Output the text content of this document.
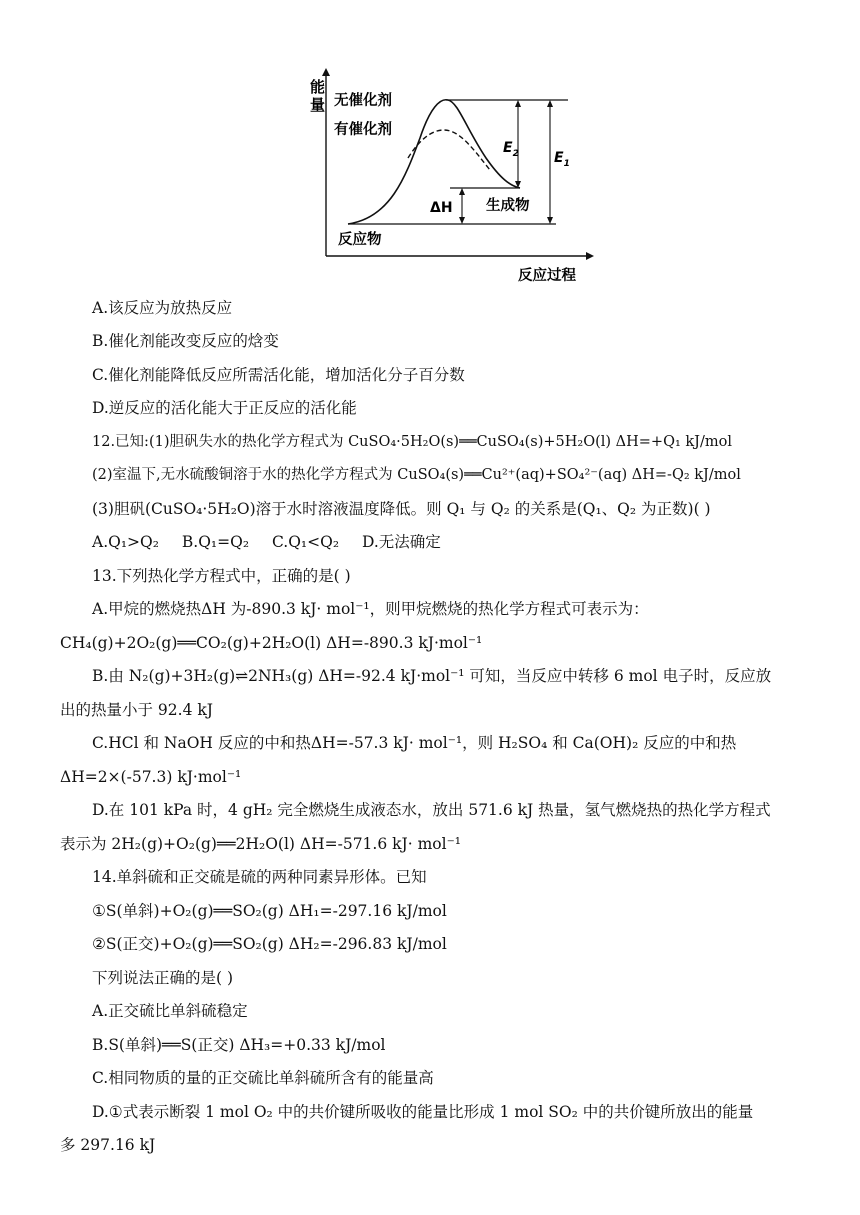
能
量 无催化剂
有催化剂
$E_2$	$E_1$
ΔH 生成物
反应物
反应过程
A.该反应为放热反应
B.催化剂能改变反应的焓变
C.催化剂能降低反应所需活化能，增加活化分子百分数
D.逆反应的活化能大于正反应的活化能
12.已知:(1)胆矾失水的热化学方程式为 CuSO₄·5H₂O(s)══CuSO₄(s)+5H₂O(l) ΔH=+Q₁ kJ/mol
(2)室温下,无水硫酸铜溶于水的热化学方程式为 CuSO₄(s)══Cu²⁺(aq)+SO₄²⁻(aq) ΔH=-Q₂ kJ/mol
(3)胆矾(CuSO₄·5H₂O)溶于水时溶液温度降低。则 Q₁ 与 Q₂ 的关系是(Q₁、Q₂ 为正数)( )
A.Q₁>Q₂ B.Q₁=Q₂ C.Q₁<Q₂ D.无法确定
13.下列热化学方程式中，正确的是( )
A.甲烷的燃烧热ΔH 为-890.3 kJ· mol⁻¹，则甲烷燃烧的热化学方程式可表示为：
CH₄(g)+2O₂(g)══CO₂(g)+2H₂O(l) ΔH=-890.3 kJ·mol⁻¹
B.由 N₂(g)+3H₂(g)⇌2NH₃(g) ΔH=-92.4 kJ·mol⁻¹ 可知，当反应中转移 6 mol 电子时，反应放
出的热量小于 92.4 kJ
C.HCl 和 NaOH 反应的中和热ΔH=-57.3 kJ· mol⁻¹，则 H₂SO₄ 和 Ca(OH)₂ 反应的中和热
ΔH=2×(-57.3) kJ·mol⁻¹
D.在 101 kPa 时，4 gH₂ 完全燃烧生成液态水，放出 571.6 kJ 热量，氢气燃烧热的热化学方程式
表示为 2H₂(g)+O₂(g)══2H₂O(l) ΔH=-571.6 kJ· mol⁻¹
14.单斜硫和正交硫是硫的两种同素异形体。已知
①S(单斜)+O₂(g)══SO₂(g) ΔH₁=-297.16 kJ/mol
②S(正交)+O₂(g)══SO₂(g) ΔH₂=-296.83 kJ/mol
下列说法正确的是( )
A.正交硫比单斜硫稳定
B.S(单斜)══S(正交) ΔH₃=+0.33 kJ/mol
C.相同物质的量的正交硫比单斜硫所含有的能量高
D.①式表示断裂 1 mol O₂ 中的共价键所吸收的能量比形成 1 mol SO₂ 中的共价键所放出的能量
多 297.16 kJ
